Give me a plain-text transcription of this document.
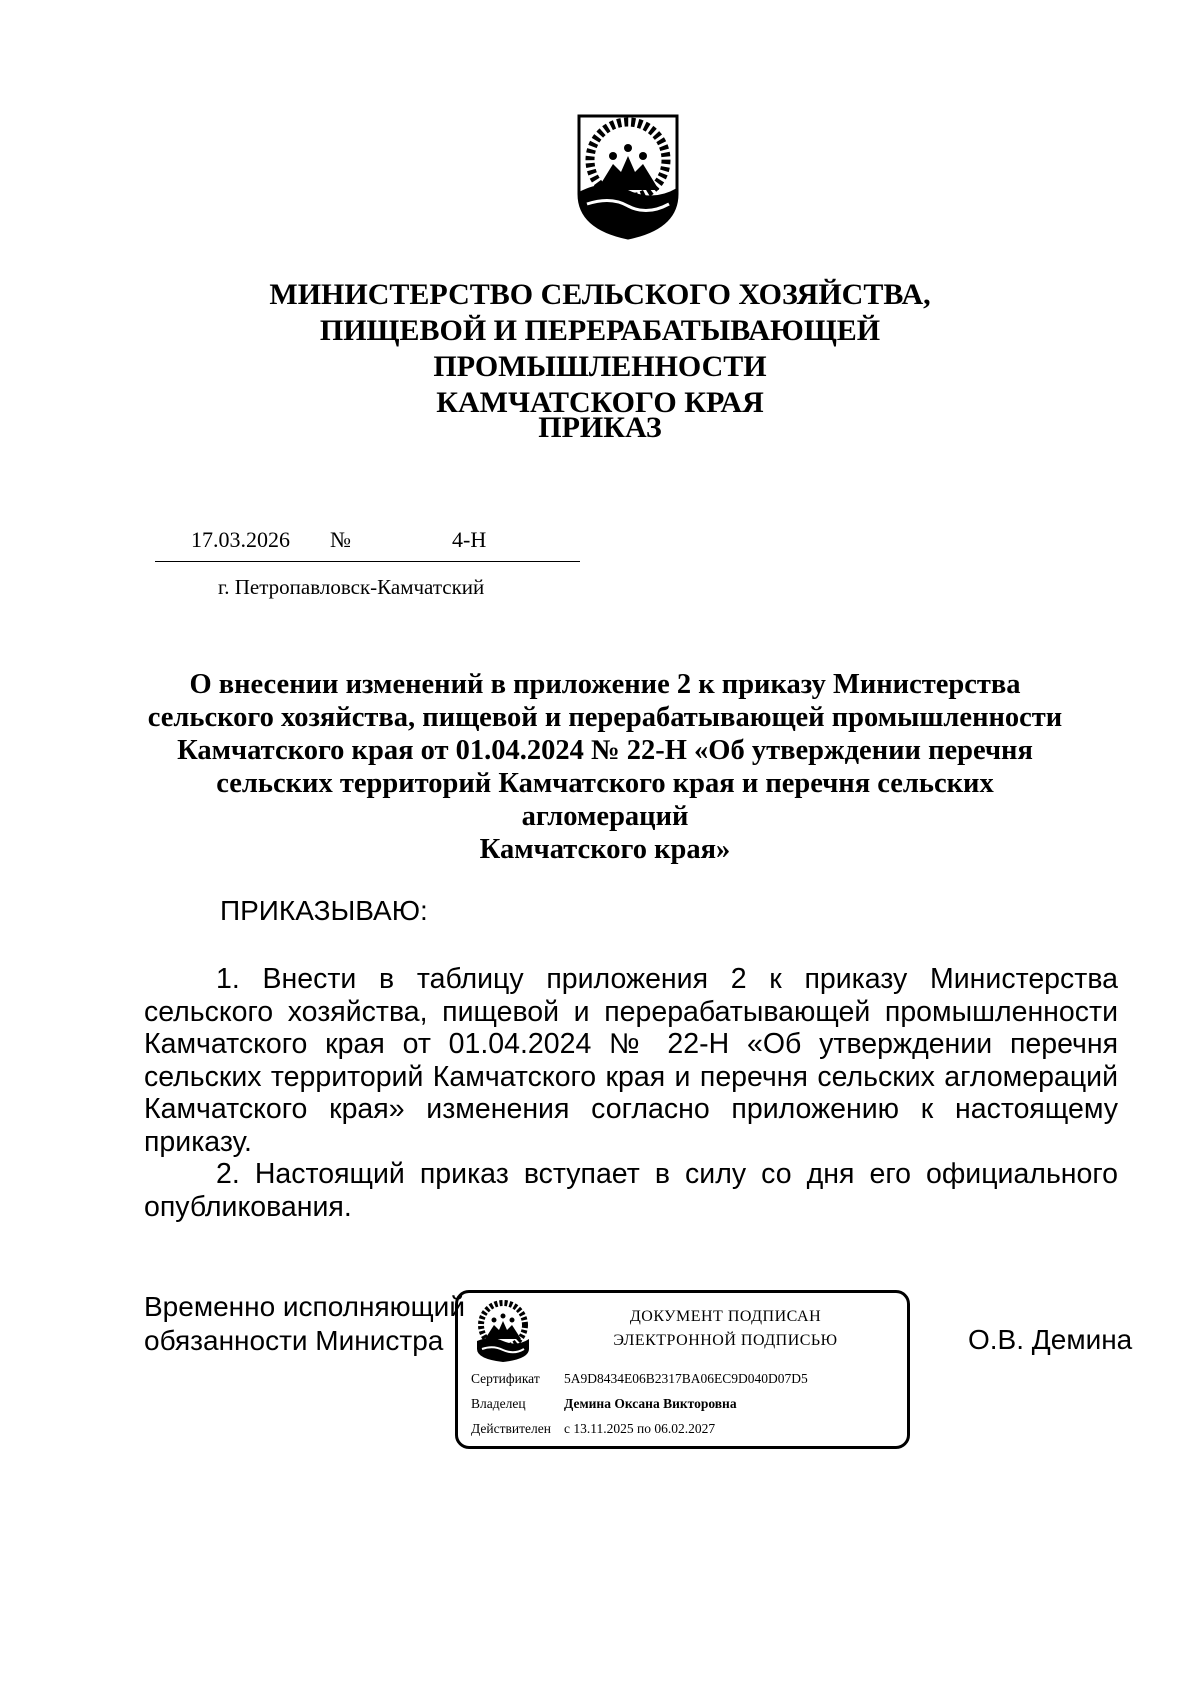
МИНИСТЕРСТВО СЕЛЬСКОГО ХОЗЯЙСТВА,
ПИЩЕВОЙ И ПЕРЕРАБАТЫВАЮЩЕЙ ПРОМЫШЛЕННОСТИ
КАМЧАТСКОГО КРАЯ
ПРИКАЗ
17.03.2026 №	4-Н
г. Петропавловск-Камчатский
О внесении изменений в приложение 2 к приказу Министерства
сельского хозяйства, пищевой и перерабатывающей промышленности
Камчатского края от 01.04.2024 № 22-Н «Об утверждении перечня
сельских территорий Камчатского края и перечня сельских агломераций
Камчатского края»
ПРИКАЗЫВАЮ:

1. Внести в таблицу приложения 2 к приказу Министерства сельского хозяйства, пищевой и перерабатывающей промышленности Камчатского края от 01.04.2024 № 22-Н «Об утверждении перечня сельских территорий Камчатского края и перечня сельских агломераций Камчатского края» изменения согласно приложению к настоящему приказу.

2. Настоящий приказ вступает в силу со дня его официального опубликования.

Временно исполняющий
обязанности Министра
ДОКУМЕНТ ПОДПИСАН
ЭЛЕКТРОННОЙ ПОДПИСЬЮ
Сертификат 5A9D8434E06B2317BA06EC9D040D07D5
Владелец	Демина Оксана Викторовна
Действителен с 13.11.2025 по 06.02.2027
О.В. Демина
